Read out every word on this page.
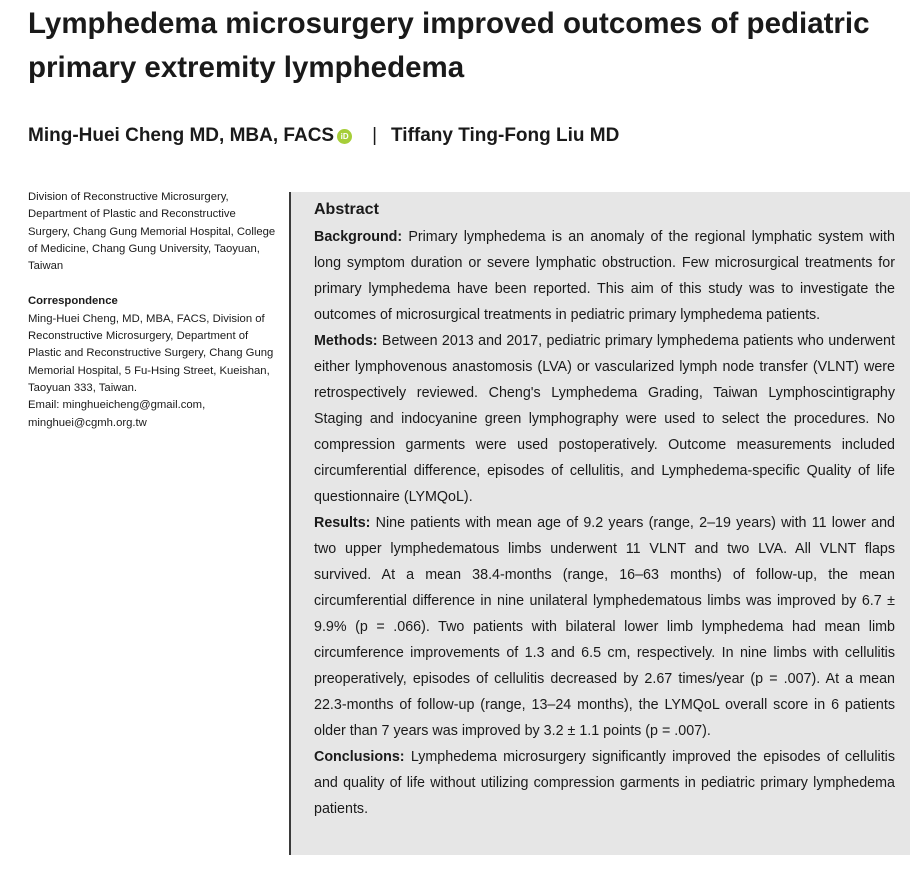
Lymphedema microsurgery improved outcomes of pediatric primary extremity lymphedema
Ming-Huei Cheng MD, MBA, FACS iD | Tiffany Ting-Fong Liu MD

Division of Reconstructive Microsurgery, Department of Plastic and Reconstructive Surgery, Chang Gung Memorial Hospital, College of Medicine, Chang Gung University, Taoyuan, Taiwan

Correspondence

Ming-Huei Cheng, MD, MBA, FACS, Division of Reconstructive Microsurgery, Department of Plastic and Reconstructive Surgery, Chang Gung Memorial Hospital, 5 Fu-Hsing Street, Kueishan, Taoyuan 333, Taiwan.

Email: minghueicheng@gmail.com, minghuei@cgmh.org.tw

Abstract

Background: Primary lymphedema is an anomaly of the regional lymphatic system with long symptom duration or severe lymphatic obstruction. Few microsurgical treatments for primary lymphedema have been reported. This aim of this study was to investigate the outcomes of microsurgical treatments in pediatric primary lymphedema patients.

Methods: Between 2013 and 2017, pediatric primary lymphedema patients who underwent either lymphovenous anastomosis (LVA) or vascularized lymph node transfer (VLNT) were retrospectively reviewed. Cheng's Lymphedema Grading, Taiwan Lymphoscintigraphy Staging and indocyanine green lymphography were used to select the procedures. No compression garments were used postoperatively. Outcome measurements included circumferential difference, episodes of cellulitis, and Lymphedema-specific Quality of life questionnaire (LYMQoL).

Results: Nine patients with mean age of 9.2 years (range, 2–19 years) with 11 lower and two upper lymphedematous limbs underwent 11 VLNT and two LVA. All VLNT flaps survived. At a mean 38.4-months (range, 16–63 months) of follow-up, the mean circumferential difference in nine unilateral lymphedematous limbs was improved by 6.7 ± 9.9% (p = .066). Two patients with bilateral lower limb lymphedema had mean limb circumference improvements of 1.3 and 6.5 cm, respectively. In nine limbs with cellulitis preoperatively, episodes of cellulitis decreased by 2.67 times/year (p = .007). At a mean 22.3-months of follow-up (range, 13–24 months), the LYMQoL overall score in 6 patients older than 7 years was improved by 3.2 ± 1.1 points (p = .007).

Conclusions: Lymphedema microsurgery significantly improved the episodes of cellulitis and quality of life without utilizing compression garments in pediatric primary lymphedema patients.
